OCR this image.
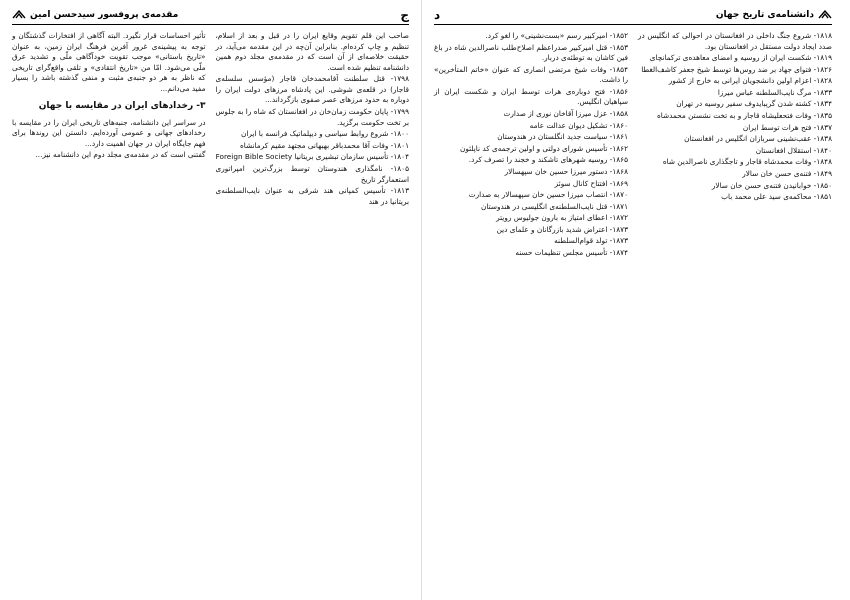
ج
مقدمه‌ی پروفسور سید‌حسن امین

صاحب این قلم تقویم وقایع ایران را در قبل و بعد از اسلام، تنظیم و چاپ کرده‌ام. بنابراین آن‌چه در این مقدمه می‌آید، در حقیقت خلاصه‌ای از آن است که در مقدمه‌ی مجلد دوم همین دانشنامه تنظیم شده است.

۱۷۹۸- قتل سلطنت آقامحمدخان قاجار (مؤسس سلسله‌ی قاجار) در قلعه‌ی شوشی. این پادشاه مرزهای دولت ایران را دوباره به حدود مرزهای عصر صفوی بازگرداند...

۱۷۹۹- پایان حکومت زمان‌خان در افغانستان که شاه را به جلوس بر تخت حکومت برگزید.

۱۸۰۰- شروع روابط سیاسی و دیپلماتیک فرانسه با ایران

۱۸۰۱- وفات آقا محمدباقر بهبهانی مجتهد مقیم کرمانشاه

۱۸۰۴- تأسیس سازمان تبشیری بریتانیا Foreign Bible Society

۱۸۰۵- نامگذاری هندوستان توسط بزرگ‌ترین امپراتوری استعمارگر تاریخ

۱۸۱۳- تأسیس کمپانی هند شرقی به عنوان نایب‌السلطنه‌ی بریتانیا در هند

تأثیر احساسات قرار نگیرد. البته آگاهی از افتخارات گذشتگان و توجه به پیشینه‌ی غرور آفرین فرهنگ ایران زمین، به عنوان «تاریخ باستانی» موجب تقویت خودآگاهی ملّی و تشدید عرق ملّی می‌شود. امّا من «تاریخ انتقادی» و تلقی واقع‌گرای تاریخی که ناظر به هر دو جنبه‌ی مثبت و منفی گذشته باشد را بسیار مفید می‌دانم...

۳- رخدادهای ایران در مقایسه با جهان

در سراسر این دانشنامه، جنبه‌های تاریخی ایران را در مقایسه با رخدادهای جهانی و عمومی آورده‌ایم. دانستن این روندها برای فهم جایگاه ایران در جهان اهمیت دارد...

گفتنی است که در مقدمه‌ی مجلد دوم این دانشنامه نیز...

دانشنامه‌ی تاریخ جهان
د

۱۸۱۸- شروع جنگ داخلی در افغانستان در احوالی که انگلیس در صدد ایجاد دولت مستقل در افغانستان بود.

۱۸۱۹- شکست ایران از روسیه و امضای معاهده‌ی ترکمانچای

۱۸۲۶- فتوای جهاد بر ضد روس‌ها توسط شیخ جعفر کاشف‌الغطا

۱۸۲۸- اعزام اولین دانشجویان ایرانی به خارج از کشور

۱۸۳۳- مرگ نایب‌السلطنه عباس میرزا

۱۸۳۴- کشته شدن گریبایدوف سفیر روسیه در تهران

۱۸۳۵- وفات فتحعلیشاه قاجار و به تخت نشستن محمدشاه

۱۸۳۷- فتح هرات توسط ایران

۱۸۳۸- عقب‌نشینی سربازان انگلیس در افغانستان

۱۸۴۰- استقلال افغانستان

۱۸۴۸- وفات محمدشاه قاجار و تاجگذاری ناصرالدین شاه

۱۸۴۹- فتنه‌ی حسن خان سالار

۱۸۵۰- خوابانیدن فتنه‌ی حسن خان سالار

۱۸۵۱- محاکمه‌ی سید علی محمد باب

۱۸۵۲- امیرکبیر رسم «بست‌نشینی» را لغو کرد.

۱۸۵۳- قتل امیرکبیر صدراعظم اصلاح‌طلب ناصرالدین شاه در باغ فین کاشان به توطئه‌ی دربار.

۱۸۵۴- وفات شیخ مرتضی انصاری که عنوان «خاتم المتأخرین» را داشت.

۱۸۵۶- فتح دوباره‌ی هرات توسط ایران و شکست ایران از سپاهیان انگلیس.

۱۸۵۸- عزل میرزا آقاخان نوری از صدارت

۱۸۶۰- تشکیل دیوان عدالت عامه

۱۸۶۱- سیاست جدید انگلستان در هندوستان

۱۸۶۲- تأسیس شورای دولتی و اولین ترجمه‌ی کد ناپلئون

۱۸۶۵- روسیه شهرهای تاشکند و خجند را تصرف کرد.

۱۸۶۸- دستور میرزا حسین خان سپهسالار

۱۸۶۹- افتتاح کانال سوئز

۱۸۷۰- انتصاب میرزا حسین خان سپهسالار به صدارت

۱۸۷۱- قتل نایب‌السلطنه‌ی انگلیسی در هندوستان

۱۸۷۲- اعطای امتیاز به بارون جولیوس رویتر

۱۸۷۳- اعتراض شدید بازرگانان و علمای دین

۱۸۷۳- تولد قوام‌السلطنه

۱۸۷۴- تأسیس مجلس تنظیمات حسنه
